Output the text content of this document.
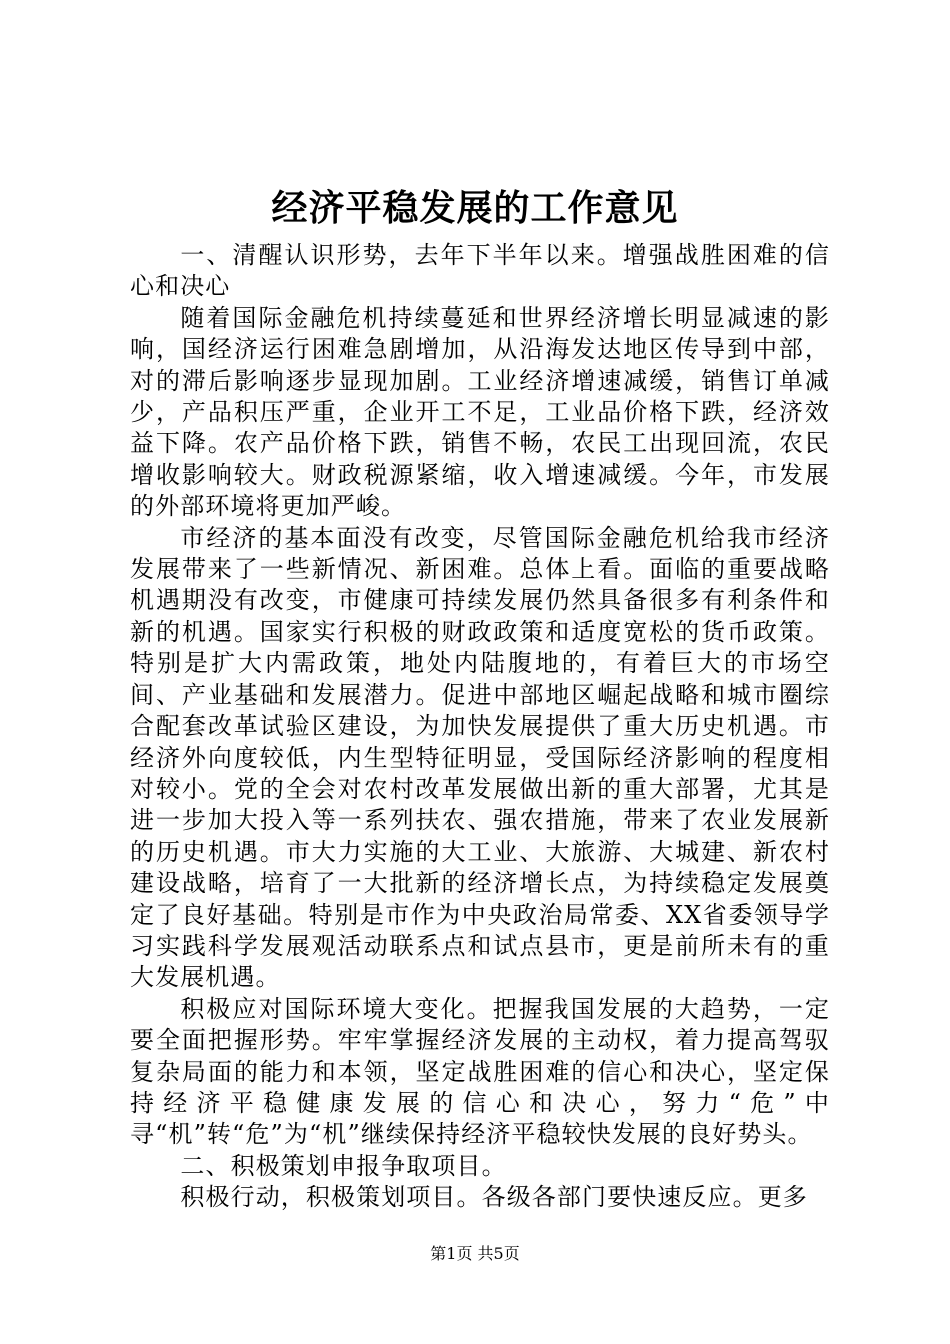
经济平稳发展的工作意见

一、清醒认识形势，去年下半年以来。增强战胜困难的信心和决心

随着国际金融危机持续蔓延和世界经济增长明显减速的影响，国经济运行困难急剧增加，从沿海发达地区传导到中部，对的滞后影响逐步显现加剧。工业经济增速减缓，销售订单减少，产品积压严重，企业开工不足，工业品价格下跌，经济效益下降。农产品价格下跌，销售不畅，农民工出现回流，农民增收影响较大。财政税源紧缩，收入增速减缓。今年，市发展的外部环境将更加严峻。

市经济的基本面没有改变，尽管国际金融危机给我市经济发展带来了一些新情况、新困难。总体上看。面临的重要战略机遇期没有改变，市健康可持续发展仍然具备很多有利条件和新的机遇。国家实行积极的财政政策和适度宽松的货币政策。特别是扩大内需政策，地处内陆腹地的，有着巨大的市场空间、产业基础和发展潜力。促进中部地区崛起战略和城市圈综合配套改革试验区建设，为加快发展提供了重大历史机遇。市经济外向度较低，内生型特征明显，受国际经济影响的程度相对较小。党的全会对农村改革发展做出新的重大部署，尤其是进一步加大投入等一系列扶农、强农措施，带来了农业发展新的历史机遇。市大力实施的大工业、大旅游、大城建、新农村建设战略，培育了一大批新的经济增长点，为持续稳定发展奠定了良好基础。特别是市作为中央政治局常委、XX省委领导学习实践科学发展观活动联系点和试点县市，更是前所未有的重大发展机遇。

积极应对国际环境大变化。把握我国发展的大趋势，一定要全面把握形势。牢牢掌握经济发展的主动权，着力提高驾驭复杂局面的能力和本领，坚定战胜困难的信心和决心，坚定保持经济平稳健康发展的信心和决心，努力“危”中寻“机”转“危”为“机”继续保持经济平稳较快发展的良好势头。

二、积极策划申报争取项目。

积极行动，积极策划项目。各级各部门要快速反应。更多

第1页 共5页
